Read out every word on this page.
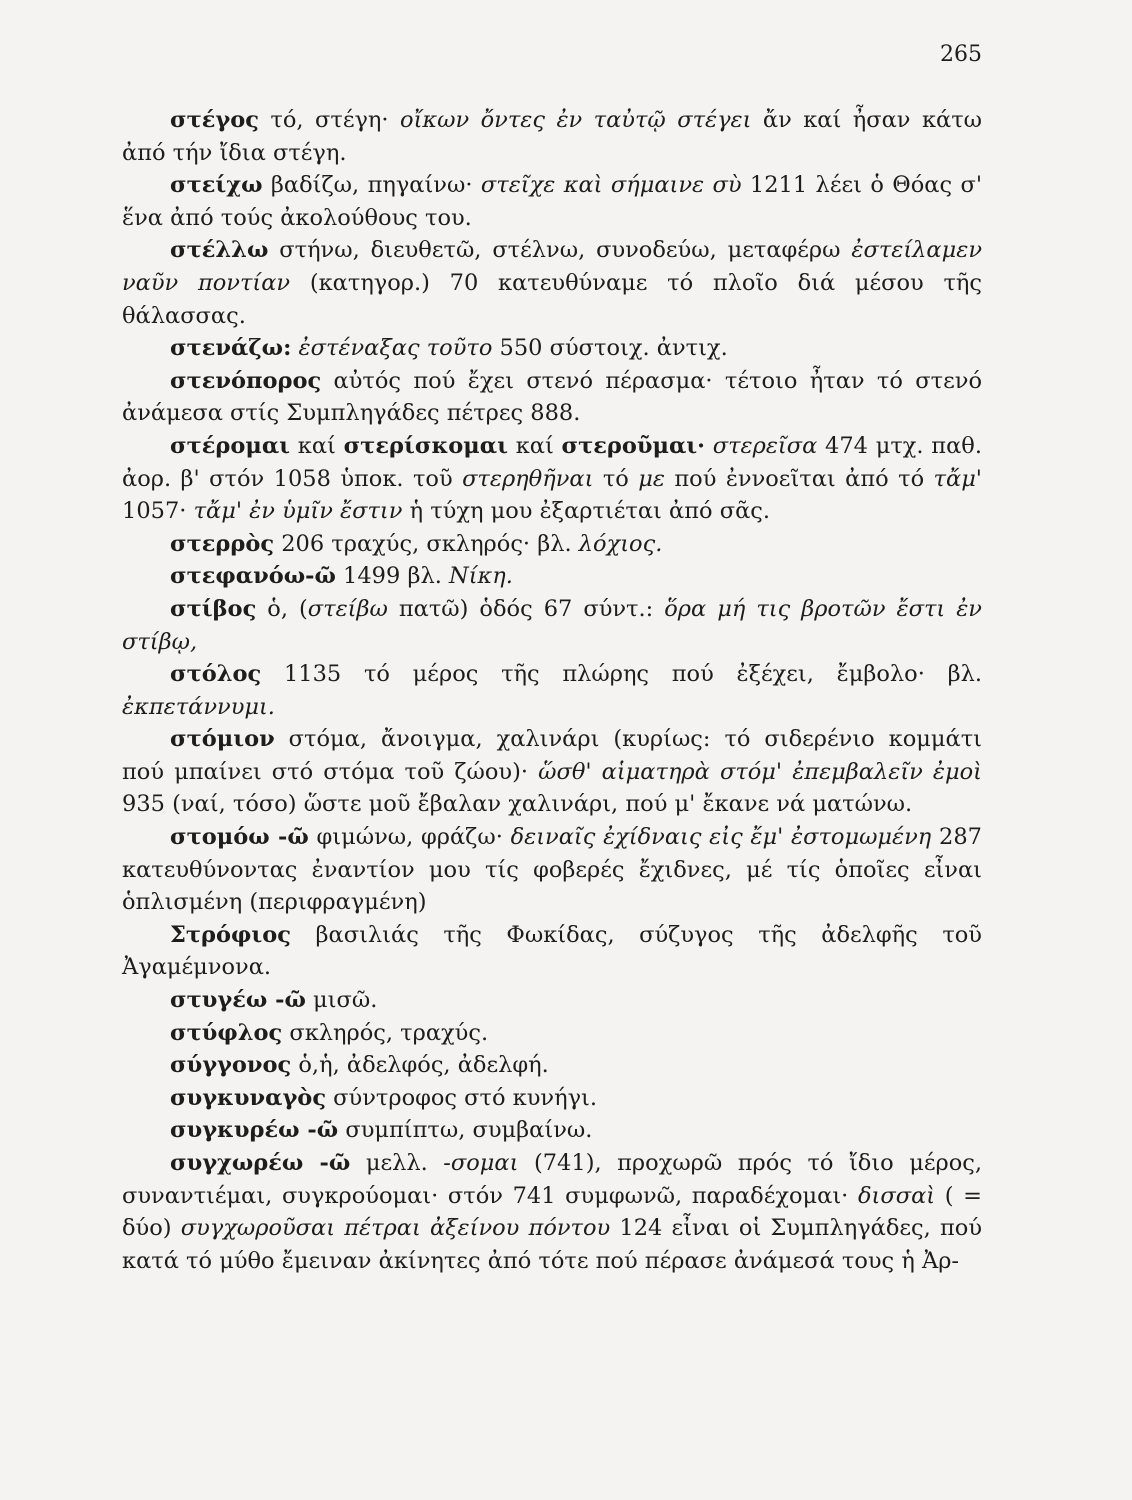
265

στέγος τό, στέγη· οἴκων ὄντες ἐν ταὐτῷ στέγει ἄν καί ἦσαν κάτω ἀπό τήν ἴδια στέγη.

στείχω βαδίζω, πηγαίνω· στεῖχε καὶ σήμαινε σὺ 1211 λέει ὁ Θόας σ' ἕνα ἀπό τούς ἀκολούθους του.

στέλλω στήνω, διευθετῶ, στέλνω, συνοδεύω, μεταφέρω ἐστείλαμεν ναῦν ποντίαν (κατηγορ.) 70 κατευθύναμε τό πλοῖο διά μέσου τῆς θάλασσας.

στενάζω: ἐστέναξας τοῦτο 550 σύστοιχ. ἀντιχ.

στενόπορος αὐτός πού ἔχει στενό πέρασμα· τέτοιο ἦταν τό στενό ἀνάμεσα στίς Συμπληγάδες πέτρες 888.

στέρομαι καί στερίσκομαι καί στεροῦμαι· στερεῖσα 474 μτχ. παθ. ἀορ. β' στόν 1058 ὑποκ. τοῦ στερηθῆναι τό με πού ἐννοεῖται ἀπό τό τἄμ' 1057· τἄμ' ἐν ὑμῖν ἔστιν ἡ τύχη μου ἐξαρτιέται ἀπό σᾶς.

στερρὸς 206 τραχύς, σκληρός· βλ. λόχιος.

στεφανόω-ῶ 1499 βλ. Νίκη.

στίβος ὁ, (στείβω πατῶ) ὁδός 67 σύντ.: ὅρα μή τις βροτῶν ἔστι ἐν στίβῳ,

στόλος 1135 τό μέρος τῆς πλώρης πού ἐξέχει, ἔμβολο· βλ. ἐκπετάννυμι.

στόμιον στόμα, ἄνοιγμα, χαλινάρι (κυρίως: τό σιδερένιο κομμάτι πού μπαίνει στό στόμα τοῦ ζώου)· ὥσθ' αἱματηρὰ στόμ' ἐπεμβαλεῖν ἐμοὶ 935 (ναί, τόσο) ὥστε μοῦ ἔβαλαν χαλινάρι, πού μ' ἔκανε νά ματώνω.

στομόω -ῶ φιμώνω, φράζω· δειναῖς ἐχίδναις εἰς ἔμ' ἐστομωμένη 287 κατευθύνοντας ἐναντίον μου τίς φοβερές ἔχιδνες, μέ τίς ὁποῖες εἶναι ὁπλισμένη (περιφραγμένη)

Στρόφιος βασιλιάς τῆς Φωκίδας, σύζυγος τῆς ἀδελφῆς τοῦ Ἀγαμέμνονα.

στυγέω -ῶ μισῶ.

στύφλος σκληρός, τραχύς.

σύγγονος ὁ,ἡ, ἀδελφός, ἀδελφή.

συγκυναγὸς σύντροφος στό κυνήγι.

συγκυρέω -ῶ συμπίπτω, συμβαίνω.

συγχωρέω -ῶ μελλ. -σομαι (741), προχωρῶ πρός τό ἴδιο μέρος, συναντιέμαι, συγκρούομαι· στόν 741 συμφωνῶ, παραδέχομαι· δισσαὶ ( = δύο) συγχωροῦσαι πέτραι ἀξείνου πόντου 124 εἶναι οἱ Συμπληγάδες, πού κατά τό μύθο ἔμειναν ἀκίνητες ἀπό τότε πού πέρασε ἀνάμεσά τους ἡ Ἀρ-
